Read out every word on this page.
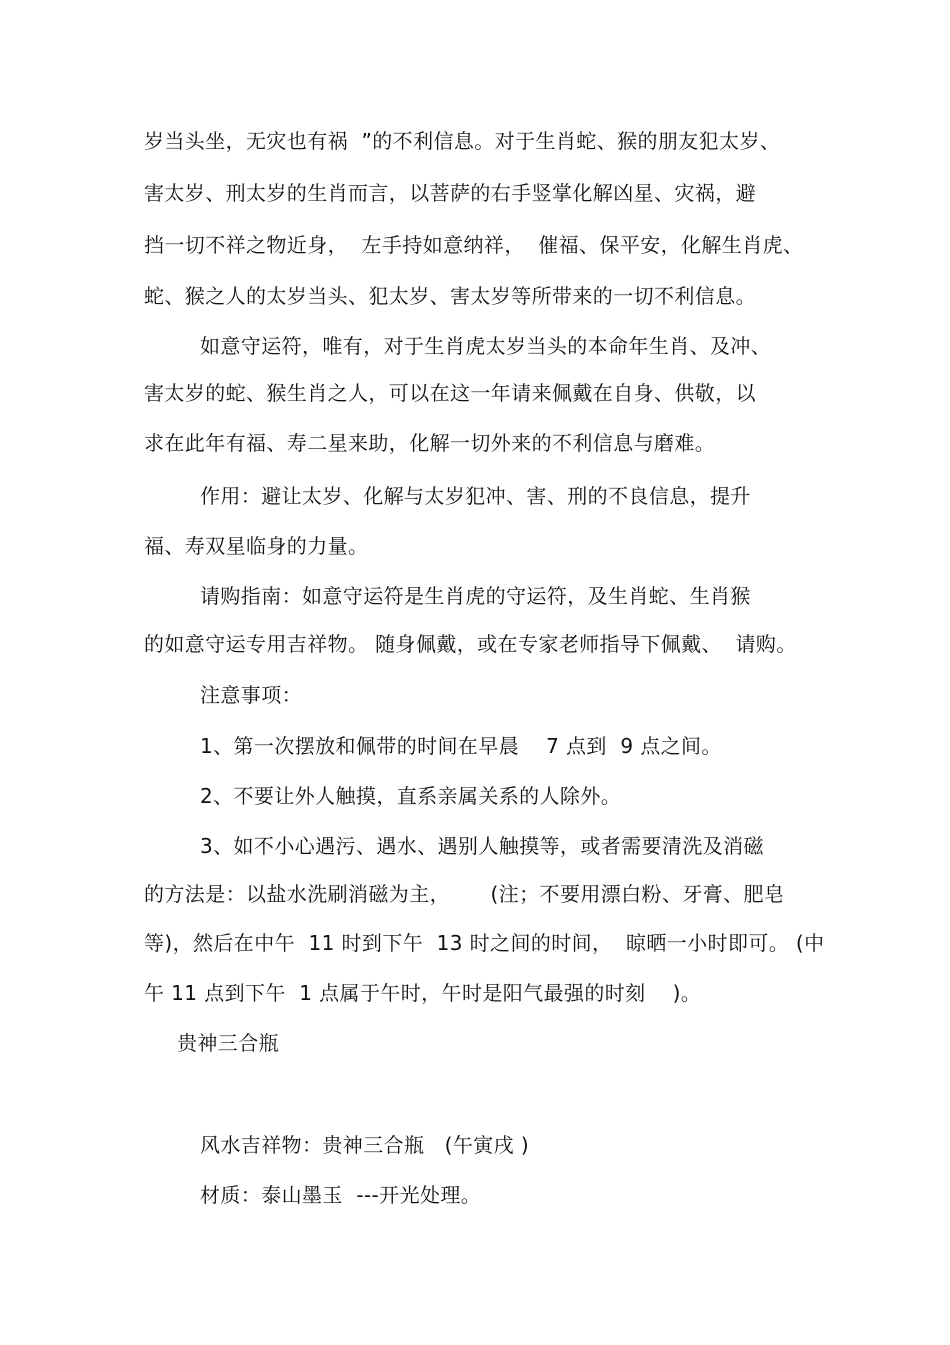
岁当头坐，无灾也有祸  ”的不利信息。对于生肖蛇、猴的朋友犯太岁、
害太岁、刑太岁的生肖而言，以菩萨的右手竖掌化解凶星、灾祸，避
挡一切不祥之物近身，  左手持如意纳祥，  催福、保平安，化解生肖虎、
蛇、猴之人的太岁当头、犯太岁、害太岁等所带来的一切不利信息。
如意守运符，唯有，对于生肖虎太岁当头的本命年生肖、及冲、
害太岁的蛇、猴生肖之人，可以在这一年请来佩戴在自身、供敬，以
求在此年有福、寿二星来助，化解一切外来的不利信息与磨难。
作用：避让太岁、化解与太岁犯冲、害、刑的不良信息，提升
福、寿双星临身的力量。
请购指南：如意守运符是生肖虎的守运符，及生肖蛇、生肖猴
的如意守运专用吉祥物。 随身佩戴，或在专家老师指导下佩戴、  请购。
注意事项：
1、第一次摆放和佩带的时间在早晨    7 点到  9 点之间。
2、不要让外人触摸，直系亲属关系的人除外。
3、如不小心遇污、遇水、遇别人触摸等，或者需要清洗及消磁
的方法是：以盐水洗刷消磁为主，      (注；不要用漂白粉、牙膏、肥皂
等)，然后在中午  11 时到下午  13 时之间的时间，  晾晒一小时即可。 (中
午 11 点到下午  1 点属于午时，午时是阳气最强的时刻    )。
贵神三合瓶
风水吉祥物：贵神三合瓶   (午寅戌 )
材质：泰山墨玉  ---开光处理。
